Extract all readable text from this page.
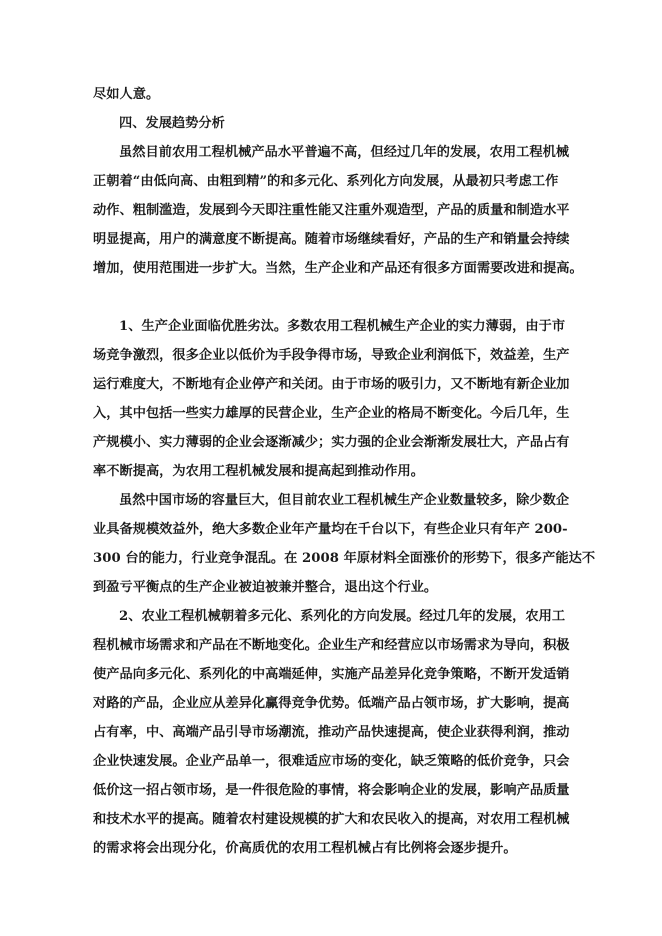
尽如人意。
四、发展趋势分析
虽然目前农用工程机械产品水平普遍不高，但经过几年的发展，农用工程机械
正朝着“由低向高、由粗到精”的和多元化、系列化方向发展，从最初只考虑工作
动作、粗制滥造，发展到今天即注重性能又注重外观造型，产品的质量和制造水平
明显提高，用户的满意度不断提高。随着市场继续看好，产品的生产和销量会持续
增加，使用范围进一步扩大。当然，生产企业和产品还有很多方面需要改进和提高。
1、生产企业面临优胜劣汰。多数农用工程机械生产企业的实力薄弱，由于市
场竞争激烈，很多企业以低价为手段争得市场，导致企业利润低下，效益差，生产
运行难度大，不断地有企业停产和关闭。由于市场的吸引力，又不断地有新企业加
入，其中包括一些实力雄厚的民营企业，生产企业的格局不断变化。今后几年，生
产规模小、实力薄弱的企业会逐渐减少；实力强的企业会渐渐发展壮大，产品占有
率不断提高，为农用工程机械发展和提高起到推动作用。
虽然中国市场的容量巨大，但目前农业工程机械生产企业数量较多，除少数企
业具备规模效益外，绝大多数企业年产量均在千台以下，有些企业只有年产 200-
300 台的能力，行业竞争混乱。在 2008 年原材料全面涨价的形势下，很多产能达不
到盈亏平衡点的生产企业被迫被兼并整合，退出这个行业。
2、农业工程机械朝着多元化、系列化的方向发展。经过几年的发展，农用工
程机械市场需求和产品在不断地变化。企业生产和经营应以市场需求为导向，积极
使产品向多元化、系列化的中高端延伸，实施产品差异化竞争策略，不断开发适销
对路的产品，企业应从差异化赢得竞争优势。低端产品占领市场，扩大影响，提高
占有率，中、高端产品引导市场潮流，推动产品快速提高，使企业获得利润，推动
企业快速发展。企业产品单一，很难适应市场的变化，缺乏策略的低价竞争，只会
低价这一招占领市场，是一件很危险的事情，将会影响企业的发展，影响产品质量
和技术水平的提高。随着农村建设规模的扩大和农民收入的提高，对农用工程机械
的需求将会出现分化，价高质优的农用工程机械占有比例将会逐步提升。
